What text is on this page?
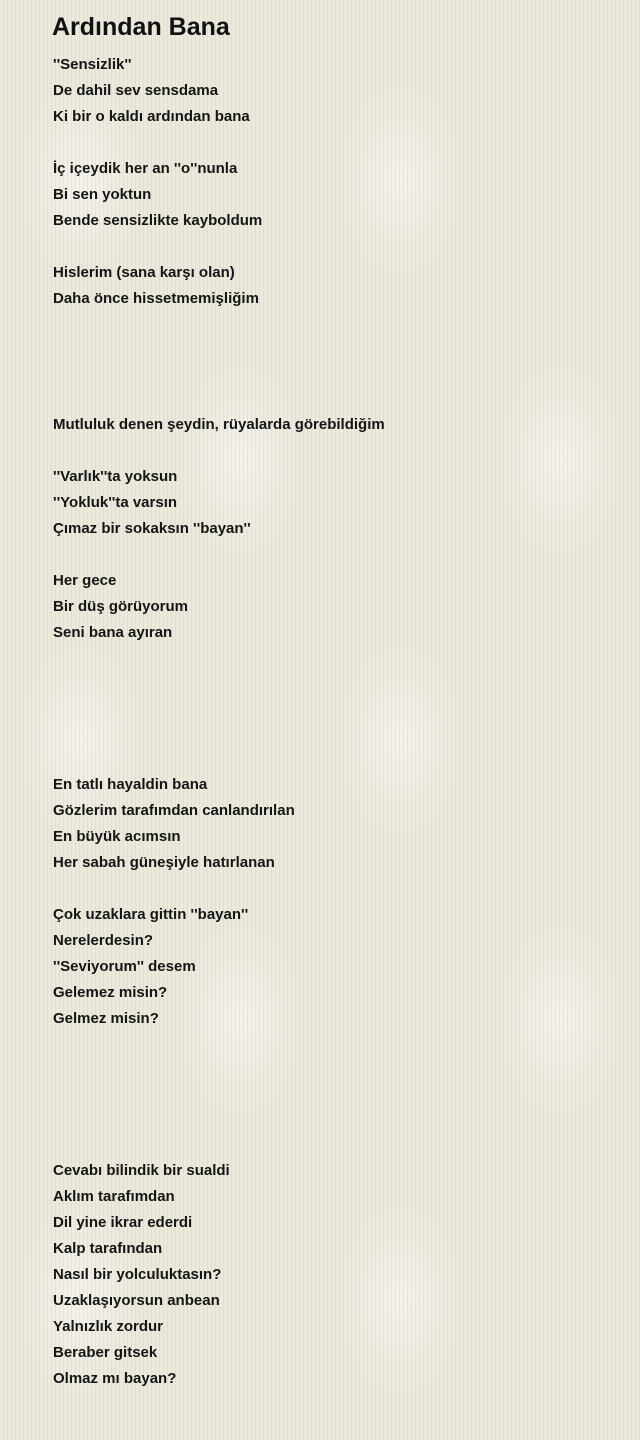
Ardından Bana

''Sensizlik''

De dahil sev sensdama

Ki bir o kaldı ardından bana

İç içeydik her an ''o''nunla

Bi sen yoktun

Bende sensizlikte kayboldum

Hislerim (sana karşı olan)

Daha önce hissetmemişliğim

Mutluluk denen şeydin, rüyalarda görebildiğim

''Varlık''ta yoksun

''Yokluk''ta varsın

Çımaz bir sokaksın ''bayan''

Her gece

Bir düş görüyorum

Seni bana ayıran

En tatlı hayaldin bana

Gözlerim tarafımdan canlandırılan

En büyük acımsın

Her sabah güneşiyle hatırlanan

Çok uzaklara gittin ''bayan''

Nerelerdesin?

''Seviyorum'' desem

Gelemez misin?

Gelmez misin?

Cevabı bilindik bir sualdi

Aklım tarafımdan

Dil yine ikrar ederdi

Kalp tarafından

Nasıl bir yolculuktasın?

Uzaklaşıyorsun anbean

Yalnızlık zordur

Beraber gitsek

Olmaz mı bayan?
